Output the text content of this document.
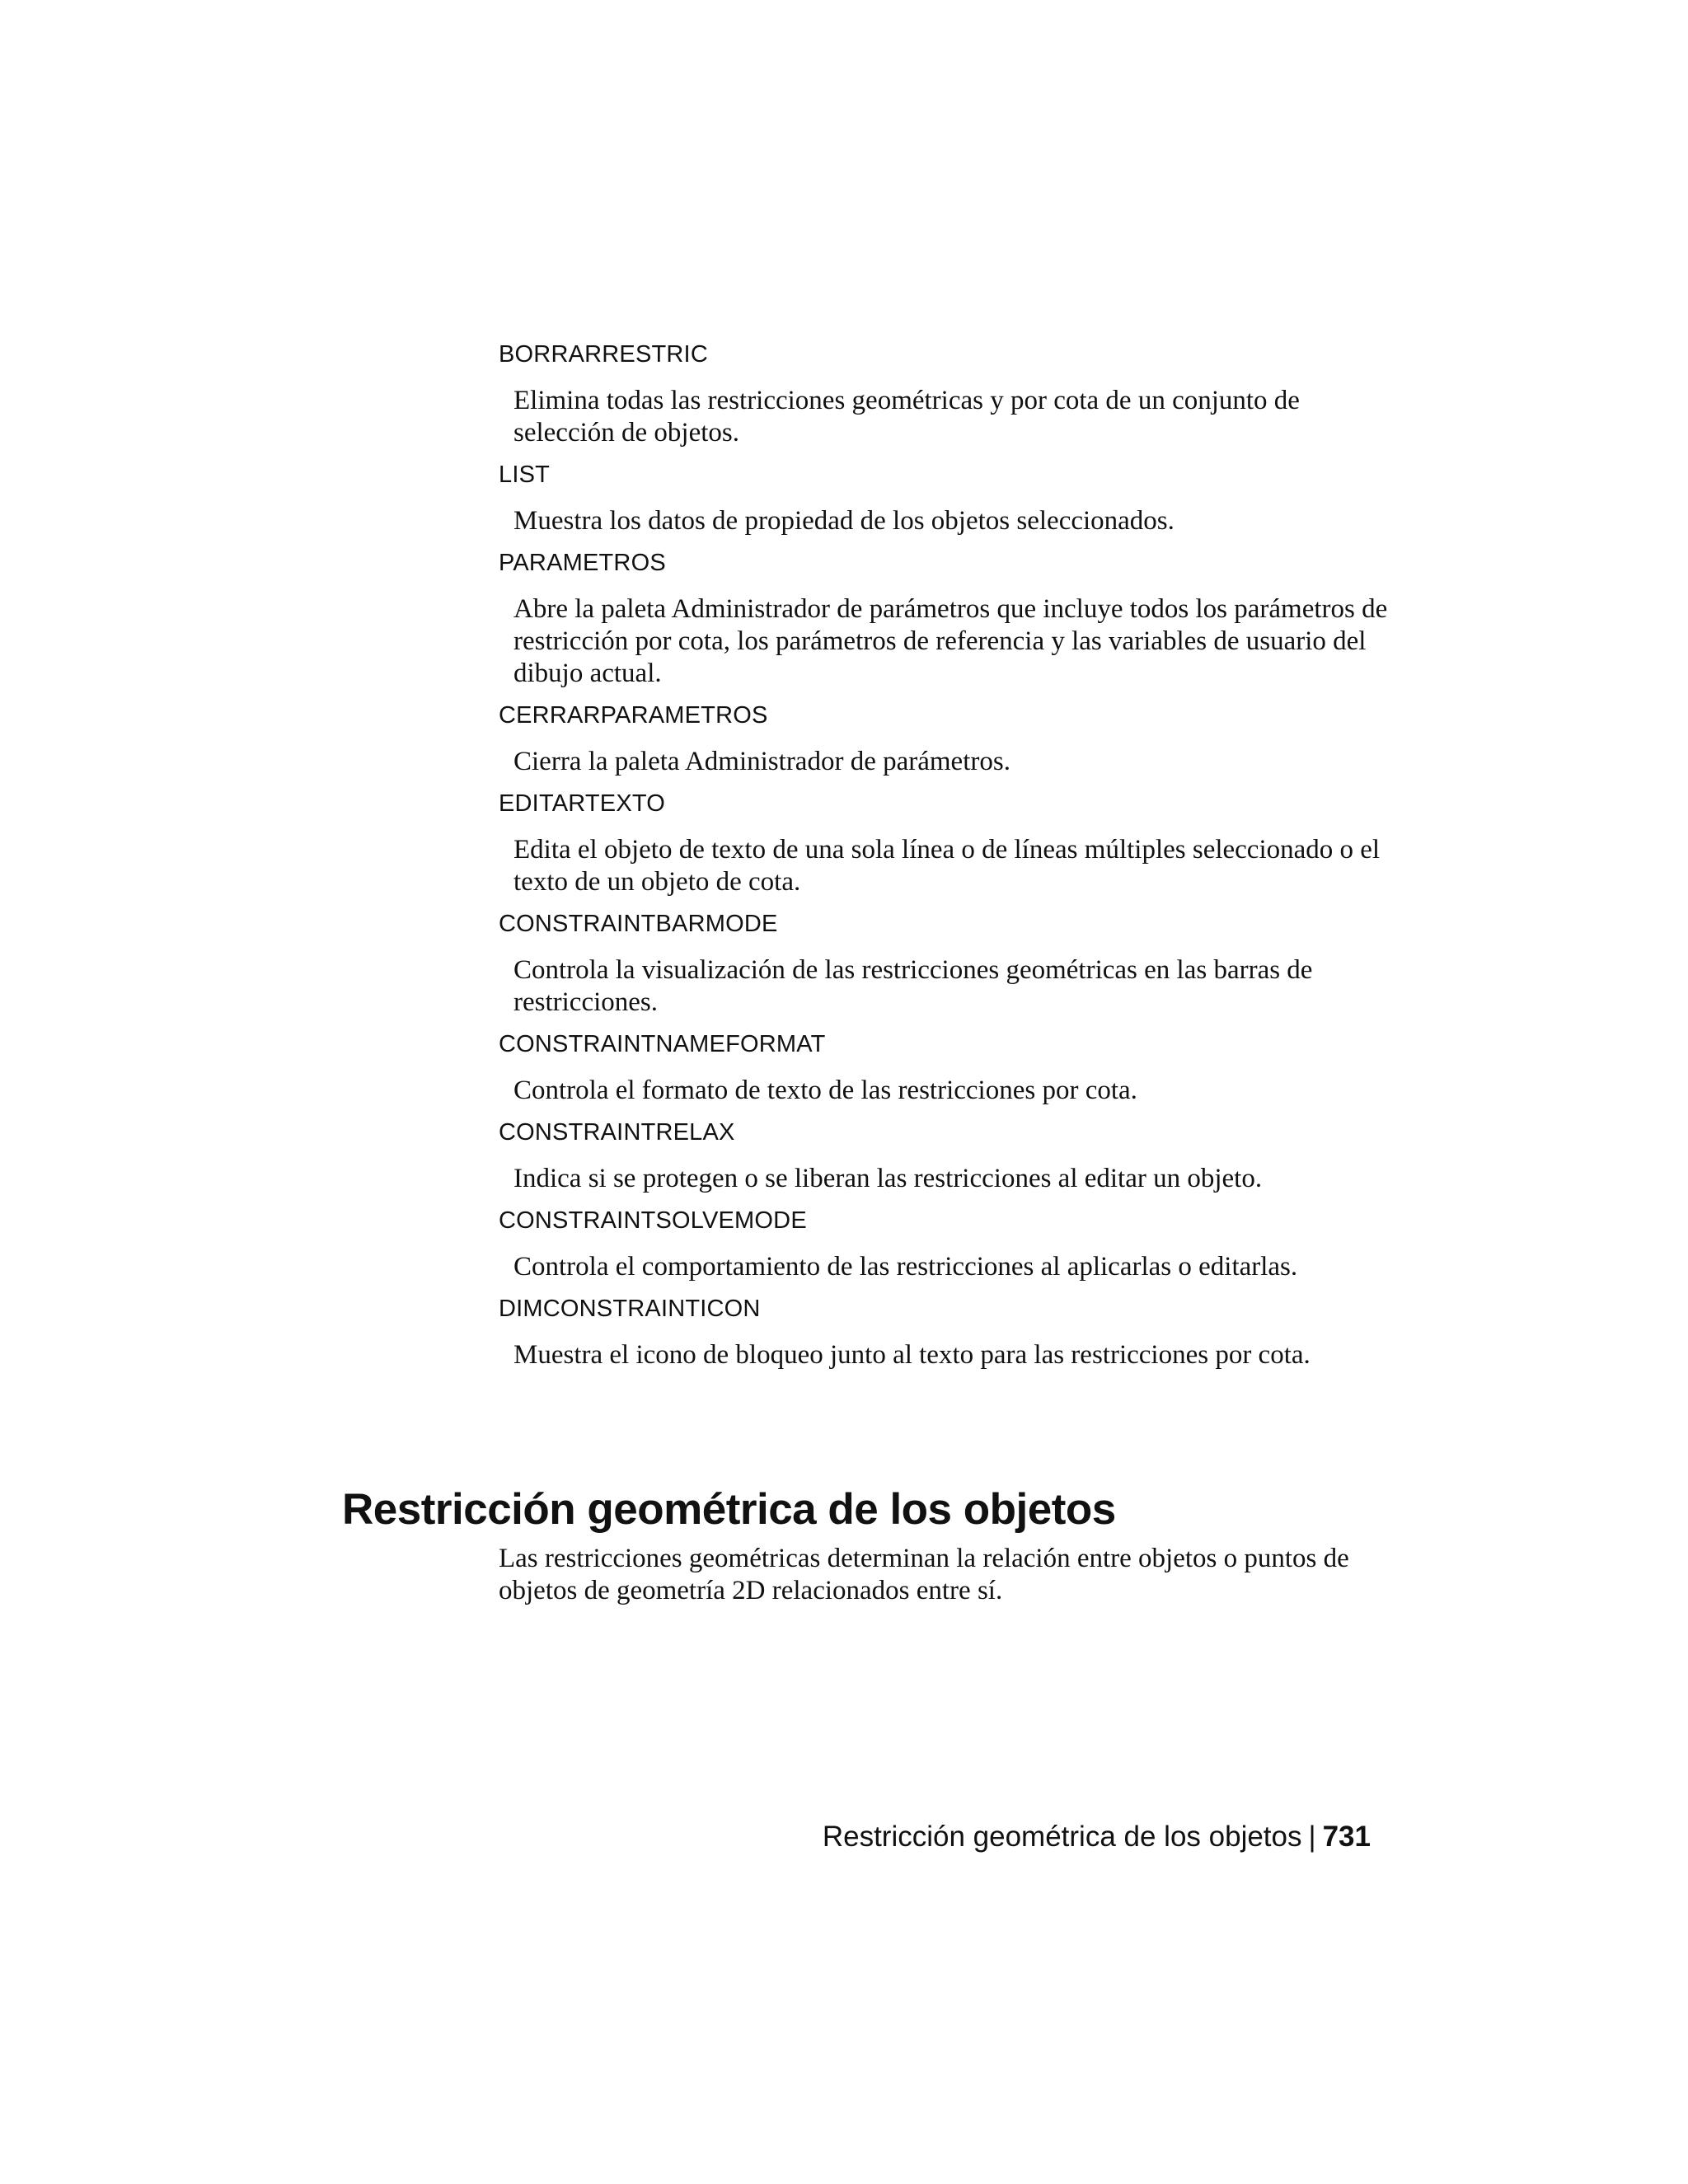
BORRARRESTRIC

Elimina todas las restricciones geométricas y por cota de un conjunto de selección de objetos.

LIST

Muestra los datos de propiedad de los objetos seleccionados.

PARAMETROS

Abre la paleta Administrador de parámetros que incluye todos los parámetros de restricción por cota, los parámetros de referencia y las variables de usuario del dibujo actual.

CERRARPARAMETROS

Cierra la paleta Administrador de parámetros.

EDITARTEXTO

Edita el objeto de texto de una sola línea o de líneas múltiples seleccionado o el texto de un objeto de cota.

CONSTRAINTBARMODE

Controla la visualización de las restricciones geométricas en las barras de restricciones.

CONSTRAINTNAMEFORMAT

Controla el formato de texto de las restricciones por cota.

CONSTRAINTRELAX

Indica si se protegen o se liberan las restricciones al editar un objeto.

CONSTRAINTSOLVEMODE

Controla el comportamiento de las restricciones al aplicarlas o editarlas.

DIMCONSTRAINTICON

Muestra el icono de bloqueo junto al texto para las restricciones por cota.

Restricción geométrica de los objetos

Las restricciones geométricas determinan la relación entre objetos o puntos de objetos de geometría 2D relacionados entre sí.

Restricción geométrica de los objetos | 731
